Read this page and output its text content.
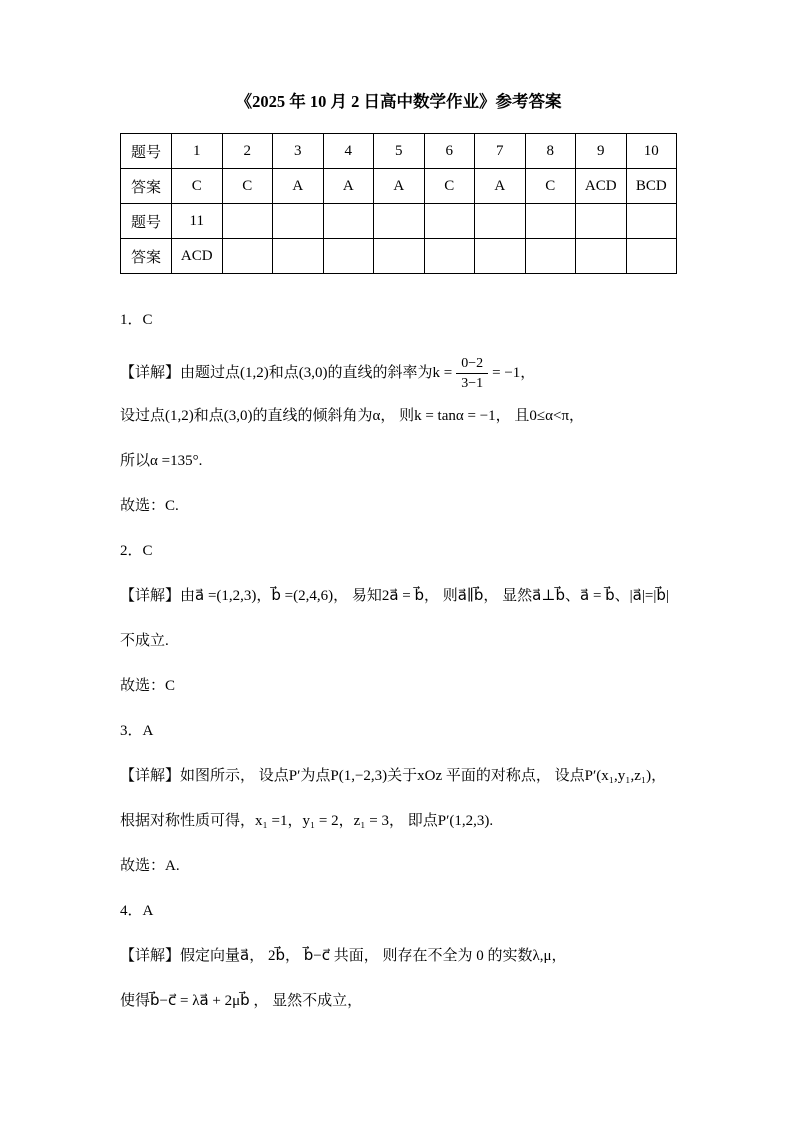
《2025 年 10 月 2 日高中数学作业》参考答案
题号	1	2	3	4	5	6	7	8	9	10
答案	C	C	A	A	A	C	A	C	ACD	BCD
题号	11									
答案	ACD									

1．C

【详解】由题过点(1,2)和点(3,0)的直线的斜率为$k = \frac{0-2}{3-1} = -1$，

设过点(1,2)和点(3,0)的直线的倾斜角为α， 则k = tanα = −1， 且0≤α<π，

所以α =135°.

故选：C.

2．C

【详解】由a⃗ =(1,2,3)，b⃗ =(2,4,6)， 易知2a⃗ = b⃗， 则a⃗∥b⃗， 显然a⃗⊥b⃗、a⃗ = b⃗、|a⃗|=|b⃗|

不成立.

故选：C

3．A

【详解】如图所示， 设点P′为点P(1,−2,3)关于xOz 平面的对称点， 设点P′(x₁,y₁,z₁)，

根据对称性质可得，x₁ =1，y₁ = 2，z₁ = 3， 即点P′(1,2,3).

故选：A.

4．A

【详解】假定向量a⃗， 2b⃗， b⃗−c⃗ 共面， 则存在不全为 0 的实数λ,μ，

使得b⃗−c⃗ = λa⃗ + 2μb⃗ ， 显然不成立，
